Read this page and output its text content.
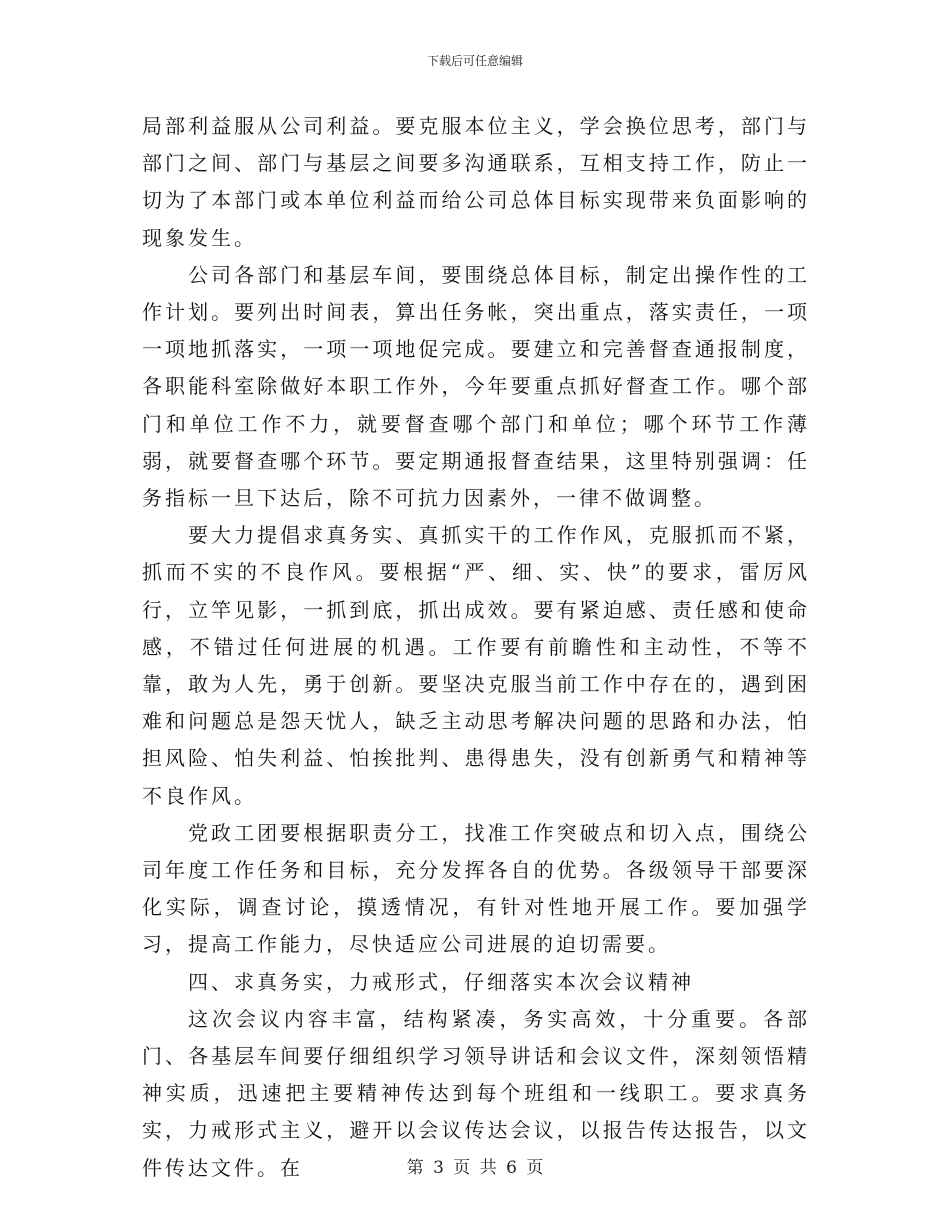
下载后可任意编辑

局部利益服从公司利益。要克服本位主义，学会换位思考，部门与部门之间、部门与基层之间要多沟通联系，互相支持工作，防止一切为了本部门或本单位利益而给公司总体目标实现带来负面影响的现象发生。

公司各部门和基层车间，要围绕总体目标，制定出操作性的工作计划。要列出时间表，算出任务帐，突出重点，落实责任，一项一项地抓落实，一项一项地促完成。要建立和完善督查通报制度，各职能科室除做好本职工作外，今年要重点抓好督查工作。哪个部门和单位工作不力，就要督查哪个部门和单位；哪个环节工作薄弱，就要督查哪个环节。要定期通报督查结果，这里特别强调：任务指标一旦下达后，除不可抗力因素外，一律不做调整。

要大力提倡求真务实、真抓实干的工作作风，克服抓而不紧，抓而不实的不良作风。要根据“严、细、实、快”的要求，雷厉风行，立竿见影，一抓到底，抓出成效。要有紧迫感、责任感和使命感，不错过任何进展的机遇。工作要有前瞻性和主动性，不等不靠，敢为人先，勇于创新。要坚决克服当前工作中存在的，遇到困难和问题总是怨天忧人，缺乏主动思考解决问题的思路和办法，怕担风险、怕失利益、怕挨批判、患得患失，没有创新勇气和精神等不良作风。

党政工团要根据职责分工，找准工作突破点和切入点，围绕公司年度工作任务和目标，充分发挥各自的优势。各级领导干部要深化实际，调查讨论，摸透情况，有针对性地开展工作。要加强学习，提高工作能力，尽快适应公司进展的迫切需要。

四、求真务实，力戒形式，仔细落实本次会议精神

这次会议内容丰富，结构紧凑，务实高效，十分重要。各部门、各基层车间要仔细组织学习领导讲话和会议文件，深刻领悟精神实质，迅速把主要精神传达到每个班组和一线职工。要求真务实，力戒形式主义，避开以会议传达会议，以报告传达报告，以文件传达文件。在	第 3 页 共 6 页
